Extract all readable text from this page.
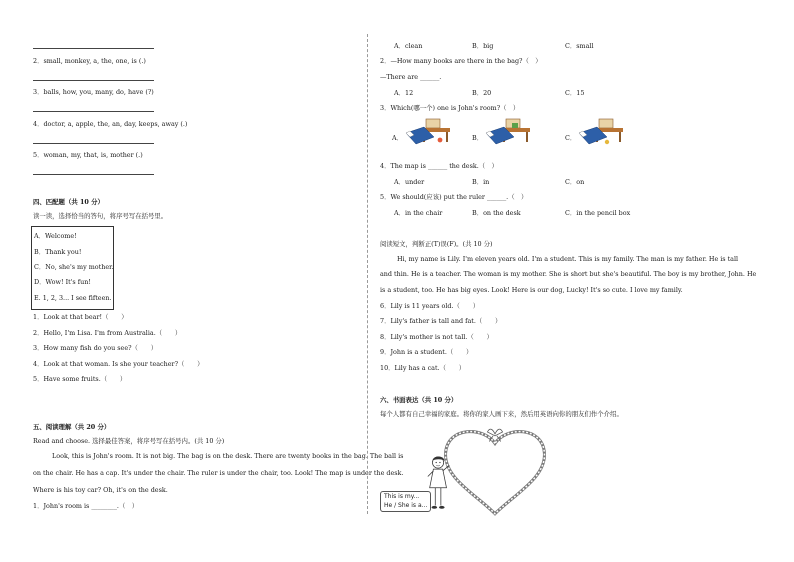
2．small, monkey, a, the, one, is (.)
3．balls, how, you, many, do, have (?)
4．doctor, a, apple, the, an, day, keeps, away (.)
5．woman, my, that, is, mother (.)
四、匹配题（共 10 分）
读一读，选择恰当的答句，将序号写在括号里。
A．Welcome!
B．Thank you!
C．No, she's my mother.
D．Wow! It's fun!
E. 1, 2, 3... I see fifteen.
1．Look at that bear!（　　）
2．Hello, I'm Lisa. I'm from Australia.（　　）
3．How many fish do you see?（　　）
4．Look at that woman. Is she your teacher?（　　）
5．Have some fruits.（　　）
五、阅读理解（共 20 分）
Read and choose. 选择最佳答案，将序号写在括号内。(共 10 分)
Look, this is John's room. It is not big. The bag is on the desk. There are twenty books in the bag. The ball is
on the chair. He has a cap. It's under the chair. The ruler is under the chair, too. Look! The map is under the desk.
Where is his toy car? Oh, it's on the desk.
1．John's room is ________.（　）
A．clean	B．big	C．small
2．—How many books are there in the bag?（　）
—There are ______.
A．12	B．20	C．15
3．Which(哪一个) one is John's room?（　）
A．	B．	C．
4．The map is ______ the desk.（　）
A．under	B．in	C．on
5．We should(应该) put the ruler ______.（　）
A．in the chair	B．on the desk	C．in the pencil box
阅读短文，判断正(T)误(F)。(共 10 分)
Hi, my name is Lily. I'm eleven years old. I'm a student. This is my family. The man is my father. He is tall
and thin. He is a teacher. The woman is my mother. She is short but she's beautiful. The boy is my brother, John. He
is a student, too. He has big eyes. Look! Here is our dog, Lucky! It's so cute. I love my family.
6．Lily is 11 years old.（　　）
7．Lily's father is tall and fat.（　　）
8．Lily's mother is not tall.（　　）
9．John is a student.（　　）
10．Lily has a cat.（　　）
六、书面表达（共 10 分）
每个人都有自己幸福的家庭。将你的家人画下来，然后用英语向你的朋友们作个介绍。
This is my...
He / She is a...
